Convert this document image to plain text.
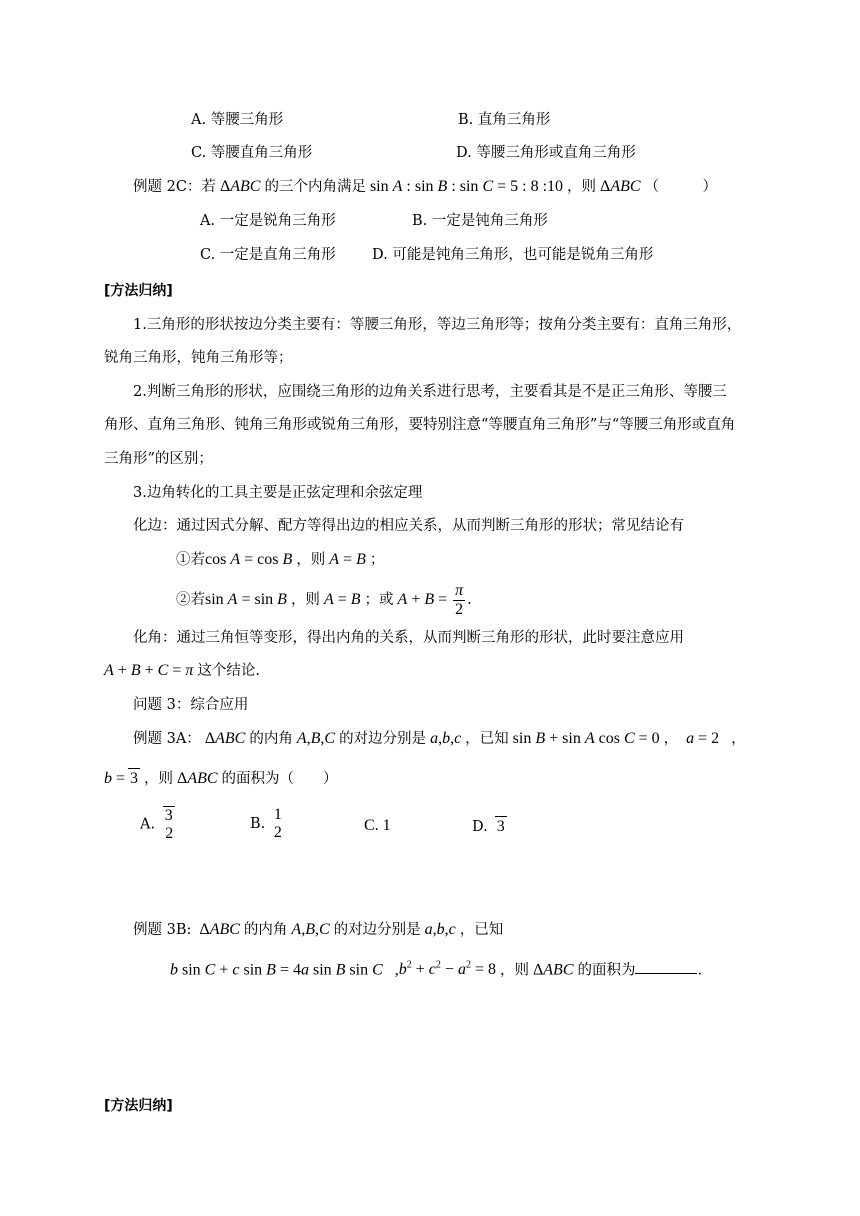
A. 等腰三角形	B. 直角三角形
C. 等腰直角三角形	D. 等腰三角形或直角三角形
例题 2C：若 ΔABC 的三个内角满足 sin A : sin B : sin C = 5 : 8 :10 ，则 ΔABC （　　　）
A. 一定是锐角三角形	B. 一定是钝角三角形
C. 一定是直角三角形 D. 可能是钝角三角形，也可能是锐角三角形
[方法归纳]
1.三角形的形状按边分类主要有：等腰三角形，等边三角形等；按角分类主要有：直角三角形，
锐角三角形，钝角三角形等；
2.判断三角形的形状，应围绕三角形的边角关系进行思考，主要看其是不是正三角形、等腰三
角形、直角三角形、钝角三角形或锐角三角形，要特别注意“等腰直角三角形”与“等腰三角形或直角
三角形”的区别；
3.边角转化的工具主要是正弦定理和余弦定理
化边：通过因式分解、配方等得出边的相应关系，从而判断三角形的形状；常见结论有
①若cos A = cos B ，则 A = B ；
②若sin A = sin B ，则 A = B ；或 $A + B = \frac{\pi}{2}$ .
化角：通过三角恒等变形，得出内角的关系，从而判断三角形的形状，此时要注意应用
A + B + C = π 这个结论.
问题 3：综合应用
例题 3A： ΔABC 的内角 A,B,C 的对边分别是 a,b,c ，已知 sin B + sin A cos C = 0 ， a = 2   ，
b = 3 ，则 ΔABC 的面积为（　　）
A.
3
2
B.
1
2	C. 1	D. 3
例题 3B:  ΔABC 的内角 A,B,C 的对边分别是 a,b,c ，已知
b sin C + c sin B = 4a sin B sin C   $,b^2 + c^2 - a^2 = 8$ ，则 ΔABC 的面积为	.
[方法归纳]
